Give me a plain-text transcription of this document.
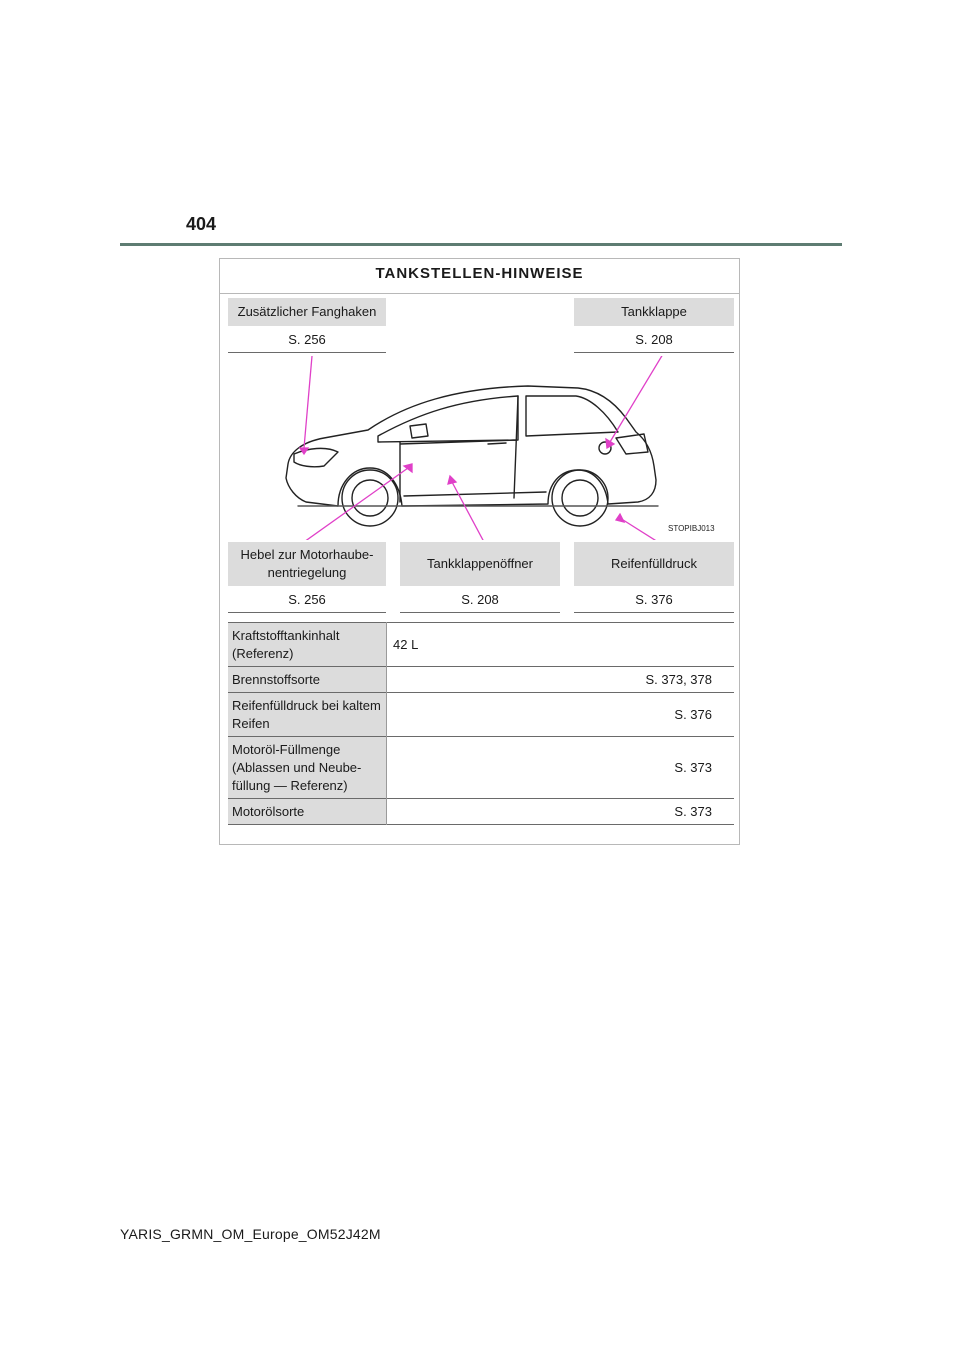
404
TANKSTELLEN-HINWEISE
Zusätzlicher Fanghaken
S. 256
Tankklappe
S. 208
STOPIBJ013
Hebel zur Motorhaube-nentriegelung
S. 256
Tankklappenöffner
S. 208
Reifenfülldruck
S. 376
Kraftstofftankinhalt (Referenz)	42 L
Brennstoffsorte	S. 373, 378
Reifenfülldruck bei kaltem Reifen	S. 376
Motoröl-Füllmenge (Ablassen und Neube-füllung — Referenz)	S. 373
Motorölsorte	S. 373
YARIS_GRMN_OM_Europe_OM52J42M
